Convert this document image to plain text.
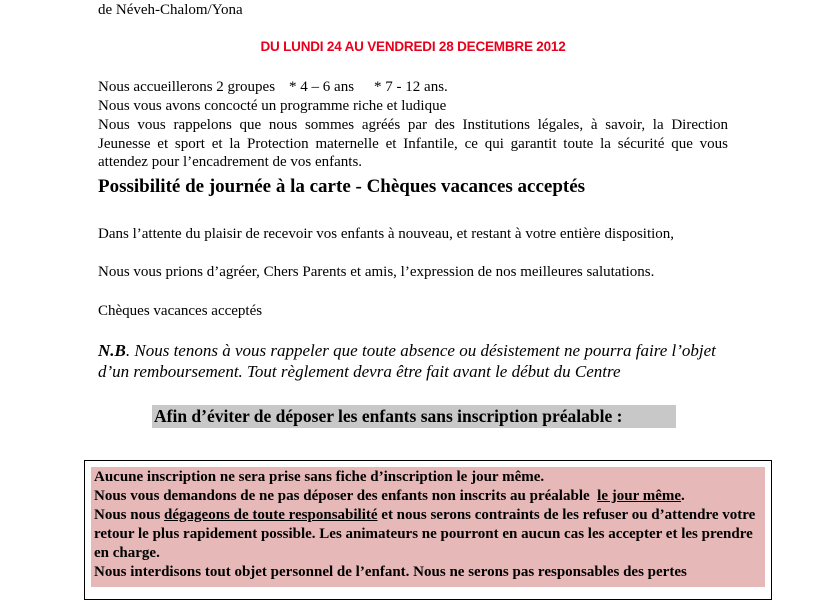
de Néveh-Chalom/Yona
DU LUNDI 24 AU VENDREDI 28 DECEMBRE 2012
Nous accueillerons 2 groupes * 4 – 6 ans * 7 - 12 ans.
Nous vous avons concocté un programme riche et ludique

Nous vous rappelons que nous sommes agréés par des Institutions légales, à savoir, la Direction Jeunesse et sport et la Protection maternelle et Infantile, ce qui garantit toute la sécurité que vous attendez pour l’encadrement de vos enfants.

Possibilité de journée à la carte - Chèques vacances acceptés

Dans l’attente du plaisir de recevoir vos enfants à nouveau, et restant à votre entière disposition,

Nous vous prions d’agréer, Chers Parents et amis, l’expression de nos meilleures salutations.
Chèques vacances acceptés

N.B. Nous tenons à vous rappeler que toute absence ou désistement ne pourra faire l’objet d’un remboursement. Tout règlement devra être fait avant le début du Centre

Afin d’éviter de déposer les enfants sans inscription préalable :

Aucune inscription ne sera prise sans fiche d’inscription le jour même.

Nous vous demandons de ne pas déposer des enfants non inscrits au préalable  le jour même.

Nous nous dégageons de toute responsabilité et nous serons contraints de les refuser ou d’attendre votre retour le plus rapidement possible. Les animateurs ne pourront en aucun cas les accepter et les prendre en charge.

Nous interdisons tout objet personnel de l’enfant. Nous ne serons pas responsables des pertes
